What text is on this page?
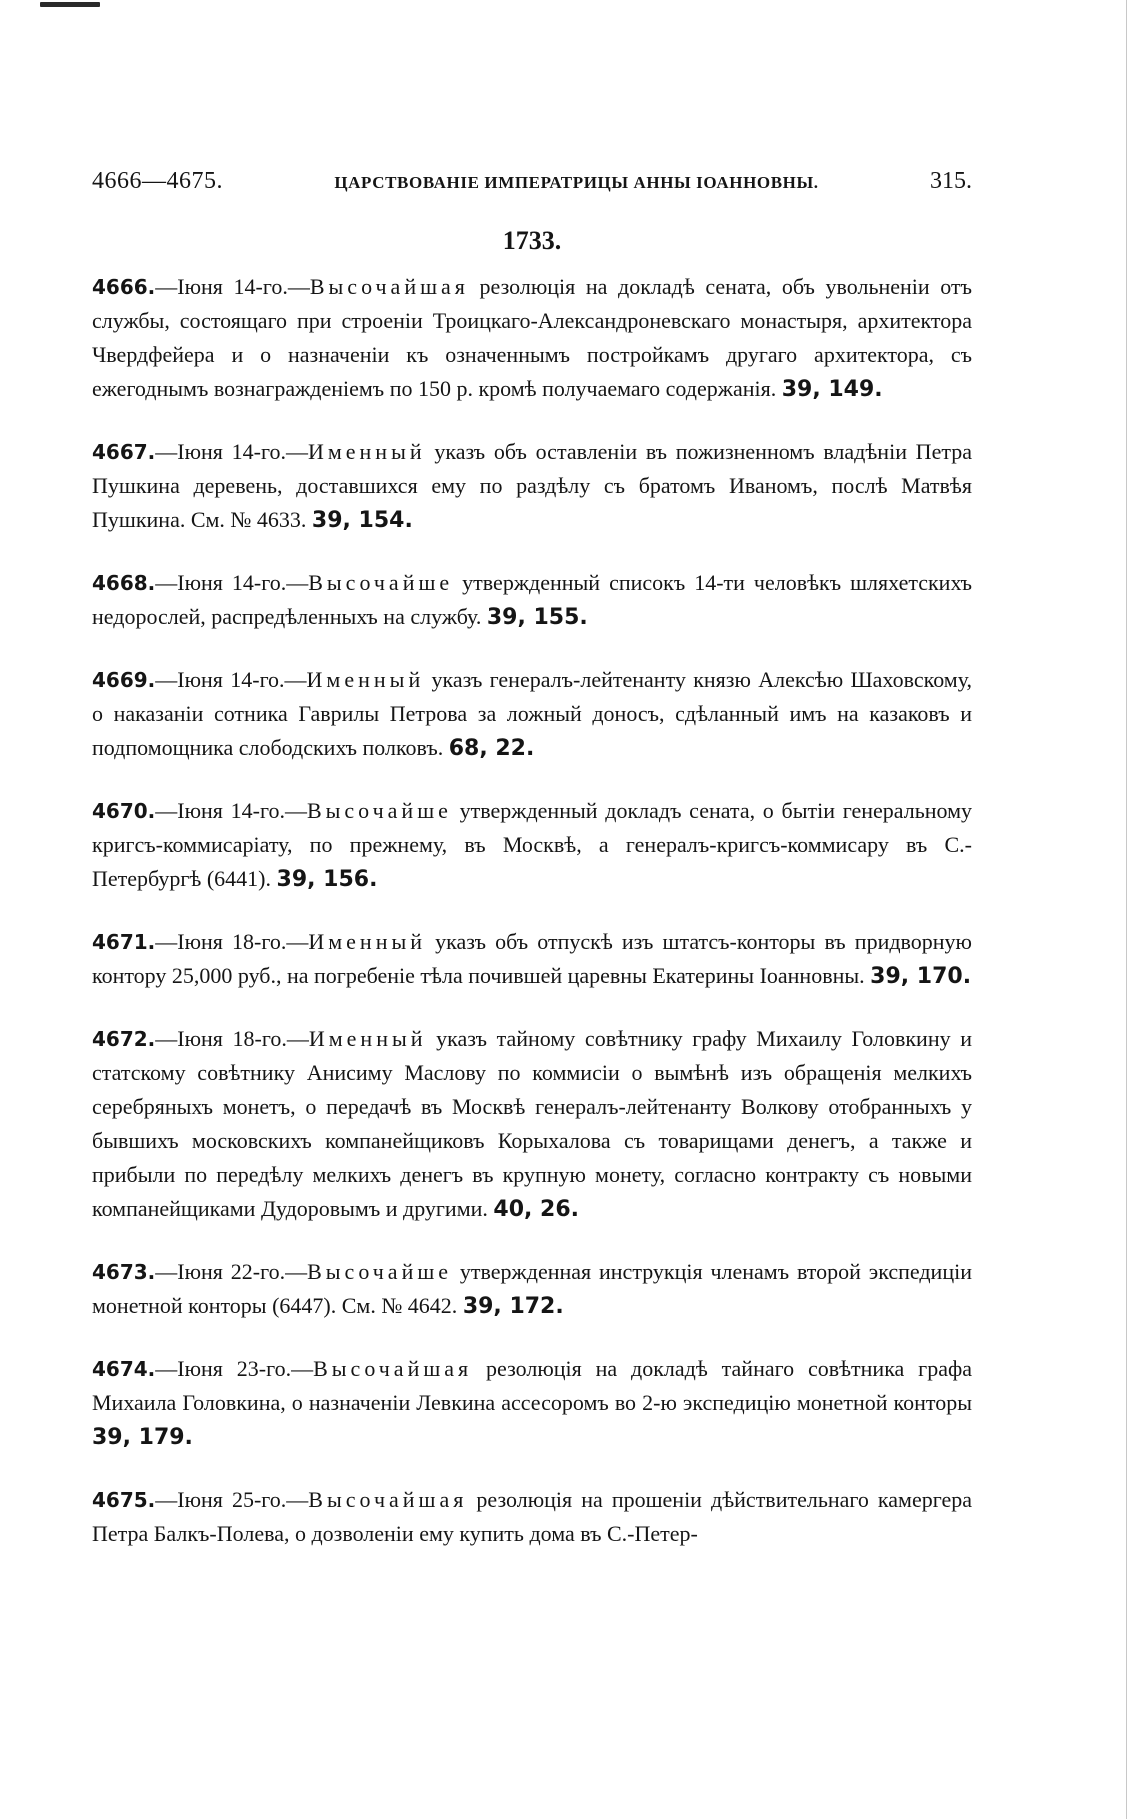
4666—4675.	ЦАРСТВОВАНІЕ ИМПЕРАТРИЦЫ АННЫ ІОАННОВНЫ.	315.
1733.
4666.—Іюня 14-го.—Высочайшая резолюція на докладѣ сената, объ увольненіи отъ службы, состоящаго при строеніи Троицкаго-Александроневскаго монастыря, архитектора Чвердфейера и о назначеніи къ означеннымъ постройкамъ другаго архитектора, съ ежегоднымъ вознагражденіемъ по 150 р. кромѣ получаемаго содержанія. 39, 149.
4667.—Іюня 14-го.—Именный указъ объ оставленіи въ пожизненномъ владѣніи Петра Пушкина деревень, доставшихся ему по раздѣлу съ братомъ Иваномъ, послѣ Матвѣя Пушкина. См. № 4633. 39, 154.
4668.—Іюня 14-го.—Высочайше утвержденный списокъ 14-ти человѣкъ шляхетскихъ недорослей, распредѣленныхъ на службу. 39, 155.
4669.—Іюня 14-го.—Именный указъ генералъ-лейтенанту князю Алексѣю Шаховскому, о наказаніи сотника Гаврилы Петрова за ложный доносъ, сдѣланный имъ на казаковъ и подпомощника слободскихъ полковъ. 68, 22.
4670.—Іюня 14-го.—Высочайше утвержденный докладъ сената, о бытіи генеральному кригсъ-коммисаріату, по прежнему, въ Москвѣ, а генералъ-кригсъ-коммисару въ С.-Петербургѣ (6441). 39, 156.
4671.—Іюня 18-го.—Именный указъ объ отпускѣ изъ штатсъ-конторы въ придворную контору 25,000 руб., на погребеніе тѣла почившей царевны Екатерины Іоанновны. 39, 170.
4672.—Іюня 18-го.—Именный указъ тайному совѣтнику графу Михаилу Головкину и статскому совѣтнику Анисиму Маслову по коммисіи о вымѣнѣ изъ обращенія мелкихъ серебряныхъ монетъ, о передачѣ въ Москвѣ генералъ-лейтенанту Волкову отобранныхъ у бывшихъ московскихъ компанейщиковъ Корыхалова съ товарищами денегъ, а также и прибыли по передѣлу мелкихъ денегъ въ крупную монету, согласно контракту съ новыми компанейщиками Дудоровымъ и другими. 40, 26.
4673.—Іюня 22-го.—Высочайше утвержденная инструкція членамъ второй экспедиціи монетной конторы (6447). См. № 4642. 39, 172.
4674.—Іюня 23-го.—Высочайшая резолюція на докладѣ тайнаго совѣтника графа Михаила Головкина, о назначеніи Левкина ассесоромъ во 2-ю экспедицію монетной конторы 39, 179.
4675.—Іюня 25-го.—Высочайшая резолюція на прошеніи дѣйствительнаго камергера Петра Балкъ-Полева, о дозволеніи ему купить дома въ С.-Петер-
